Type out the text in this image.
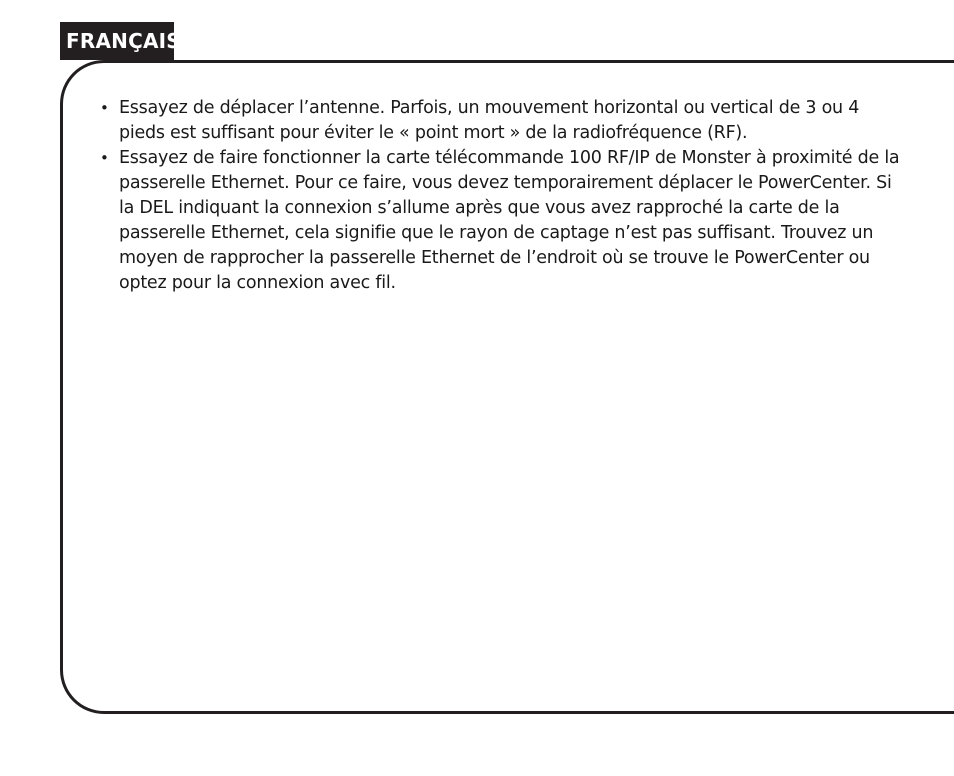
FRANÇAIS
• Essayez de déplacer l’antenne. Parfois, un mouvement horizontal ou vertical de 3 ou 4 pieds est suffisant pour éviter le « point mort » de la radiofréquence (RF).
• Essayez de faire fonctionner la carte télécommande 100 RF/IP de Monster à proximité de la passerelle Ethernet. Pour ce faire, vous devez temporairement déplacer le PowerCenter. Si la DEL indiquant la connexion s’allume après que vous avez rapproché la carte de la passerelle Ethernet, cela signifie que le rayon de captage n’est pas suffisant. Trouvez un moyen de rapprocher la passerelle Ethernet de l’endroit où se trouve le PowerCenter ou optez pour la connexion avec fil.
